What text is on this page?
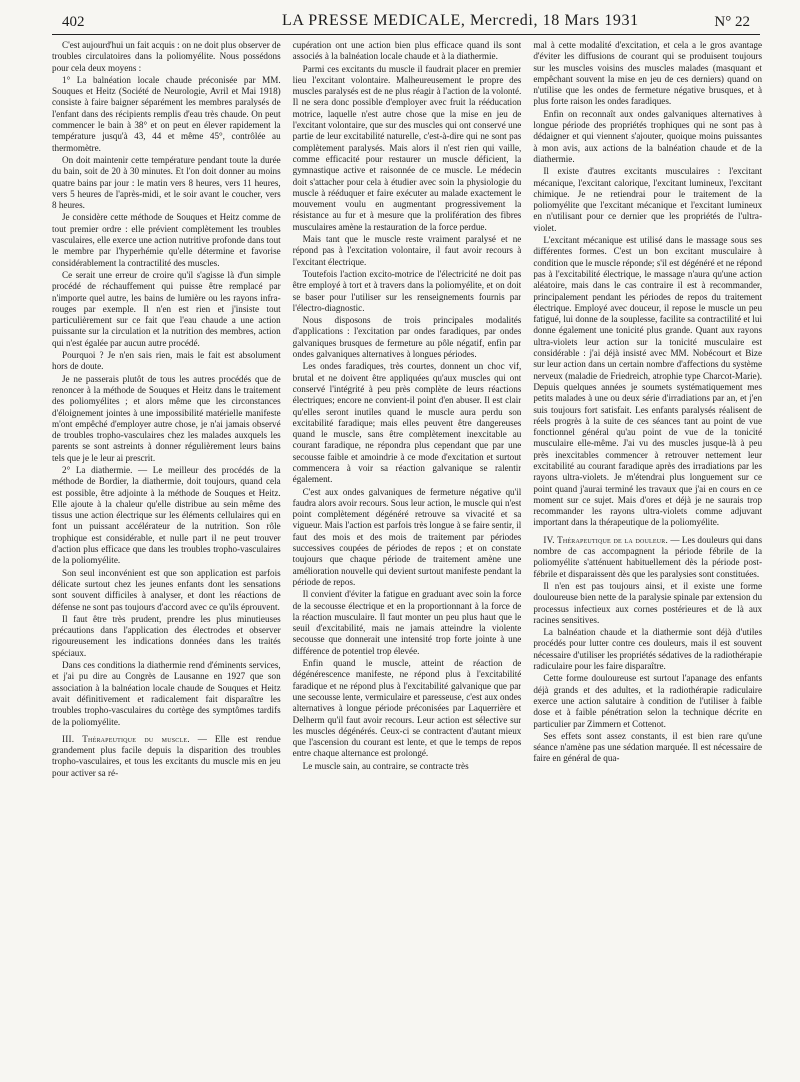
402	LA PRESSE MEDICALE, Mercredi, 18 Mars 1931	N° 22

C'est aujourd'hui un fait acquis : on ne doit plus observer de troubles circulatoires dans la poliomyélite. Nous possédons pour cela deux moyens :

1° La balnéation locale chaude préconisée par MM. Souques et Heitz (Société de Neurologie, Avril et Mai 1918) consiste à faire baigner séparément les membres paralysés de l'enfant dans des récipients remplis d'eau très chaude. On peut commencer le bain à 38° et on peut en élever rapidement la température jusqu'à 43, 44 et même 45°, contrôlée au thermomètre.

On doit maintenir cette température pendant toute la durée du bain, soit de 20 à 30 minutes. Et l'on doit donner au moins quatre bains par jour : le matin vers 8 heures, vers 11 heures, vers 5 heures de l'après-midi, et le soir avant le coucher, vers 8 heures.

Je considère cette méthode de Souques et Heitz comme de tout premier ordre : elle prévient complètement les troubles vasculaires, elle exerce une action nutritive profonde dans tout le membre par l'hyperhémie qu'elle détermine et favorise considérablement la contractilité des muscles.

Ce serait une erreur de croire qu'il s'agisse là d'un simple procédé de réchauffement qui puisse être remplacé par n'importe quel autre, les bains de lumière ou les rayons infra-rouges par exemple. Il n'en est rien et j'insiste tout particulièrement sur ce fait que l'eau chaude a une action puissante sur la circulation et la nutrition des membres, action qui n'est égalée par aucun autre procédé.

Pourquoi ? Je n'en sais rien, mais le fait est absolument hors de doute.

Je ne passerais plutôt de tous les autres procédés que de renoncer à la méthode de Souques et Heitz dans le traitement des poliomyélites ; et alors même que les circonstances d'éloignement jointes à une impossibilité matérielle manifeste m'ont empêché d'employer autre chose, je n'ai jamais observé de troubles tropho-vasculaires chez les malades auxquels les parents se sont astreints à donner régulièrement leurs bains tels que je le leur ai prescrit.

2° La diathermie. — Le meilleur des procédés de la méthode de Bordier, la diathermie, doit toujours, quand cela est possible, être adjointe à la méthode de Souques et Heitz. Elle ajoute à la chaleur qu'elle distribue au sein même des tissus une action électrique sur les éléments cellulaires qui en font un puissant accélérateur de la nutrition. Son rôle trophique est considérable, et nulle part il ne peut trouver d'action plus efficace que dans les troubles tropho-vasculaires de la poliomyélite.

Son seul inconvénient est que son application est parfois délicate surtout chez les jeunes enfants dont les sensations sont souvent difficiles à analyser, et dont les réactions de défense ne sont pas toujours d'accord avec ce qu'ils éprouvent.

Il faut être très prudent, prendre les plus minutieuses précautions dans l'application des électrodes et observer rigoureusement les indications données dans les traités spéciaux.

Dans ces conditions la diathermie rend d'éminents services, et j'ai pu dire au Congrès de Lausanne en 1927 que son association à la balnéation locale chaude de Souques et Heitz avait définitivement et radicalement fait disparaître les troubles tropho-vasculaires du cortège des symptômes tardifs de la poliomyélite.

III. Thérapeutique du muscle. — Elle est rendue grandement plus facile depuis la disparition des troubles tropho-vasculaires, et tous les excitants du muscle mis en jeu pour activer sa ré-

cupération ont une action bien plus efficace quand ils sont associés à la balnéation locale chaude et à la diathermie.

Parmi ces excitants du muscle il faudrait placer en premier lieu l'excitant volontaire. Malheureusement le propre des muscles paralysés est de ne plus réagir à l'action de la volonté. Il ne sera donc possible d'employer avec fruit la rééducation motrice, laquelle n'est autre chose que la mise en jeu de l'excitant volontaire, que sur des muscles qui ont conservé une partie de leur excitabilité naturelle, c'est-à-dire qui ne sont pas complètement paralysés. Mais alors il n'est rien qui vaille, comme efficacité pour restaurer un muscle déficient, la gymnastique active et raisonnée de ce muscle. Le médecin doit s'attacher pour cela à étudier avec soin la physiologie du muscle à rééduquer et faire exécuter au malade exactement le mouvement voulu en augmentant progressivement la résistance au fur et à mesure que la prolifération des fibres musculaires amène la restauration de la force perdue.

Mais tant que le muscle reste vraiment paralysé et ne répond pas à l'excitation volontaire, il faut avoir recours à l'excitant électrique.

Toutefois l'action excito-motrice de l'électricité ne doit pas être employé à tort et à travers dans la poliomyélite, et on doit se baser pour l'utiliser sur les renseignements fournis par l'électro-diagnostic.

Nous disposons de trois principales modalités d'applications : l'excitation par ondes faradiques, par ondes galvaniques brusques de fermeture au pôle négatif, enfin par ondes galvaniques alternatives à longues périodes.

Les ondes faradiques, très courtes, donnent un choc vif, brutal et ne doivent être appliquées qu'aux muscles qui ont conservé l'intégrité à peu près complète de leurs réactions électriques; encore ne convient-il point d'en abuser. Il est clair qu'elles seront inutiles quand le muscle aura perdu son excitabilité faradique; mais elles peuvent être dangereuses quand le muscle, sans être complètement inexcitable au courant faradique, ne répondra plus cependant que par une secousse faible et amoindrie à ce mode d'excitation et surtout commencera à voir sa réaction galvanique se ralentir également.

C'est aux ondes galvaniques de fermeture négative qu'il faudra alors avoir recours. Sous leur action, le muscle qui n'est point complètement dégénéré retrouve sa vivacité et sa vigueur. Mais l'action est parfois très longue à se faire sentir, il faut des mois et des mois de traitement par périodes successives coupées de périodes de repos ; et on constate toujours que chaque période de traitement amène une amélioration nouvelle qui devient surtout manifeste pendant la période de repos.

Il convient d'éviter la fatigue en graduant avec soin la force de la secousse électrique et en la proportionnant à la force de la réaction musculaire. Il faut monter un peu plus haut que le seuil d'excitabilité, mais ne jamais atteindre la violente secousse que donnerait une intensité trop forte jointe à une différence de potentiel trop élevée.

Enfin quand le muscle, atteint de réaction de dégénérescence manifeste, ne répond plus à l'excitabilité faradique et ne répond plus à l'excitabilité galvanique que par une secousse lente, vermiculaire et paresseuse, c'est aux ondes alternatives à longue période préconisées par Laquerrière et Delherm qu'il faut avoir recours. Leur action est sélective sur les muscles dégénérés. Ceux-ci se contractent d'autant mieux que l'ascension du courant est lente, et que le temps de repos entre chaque alternance est prolongé.

Le muscle sain, au contraire, se contracte très

mal à cette modalité d'excitation, et cela a le gros avantage d'éviter les diffusions de courant qui se produisent toujours sur les muscles voisins des muscles malades (masquant et empêchant souvent la mise en jeu de ces derniers) quand on n'utilise que les ondes de fermeture négative brusques, et à plus forte raison les ondes faradiques.

Enfin on reconnaît aux ondes galvaniques alternatives à longue période des propriétés trophiques qui ne sont pas à dédaigner et qui viennent s'ajouter, quoique moins puissantes à mon avis, aux actions de la balnéation chaude et de la diathermie.

Il existe d'autres excitants musculaires : l'excitant mécanique, l'excitant calorique, l'excitant lumineux, l'excitant chimique. Je ne retiendrai pour le traitement de la poliomyélite que l'excitant mécanique et l'excitant lumineux en n'utilisant pour ce dernier que les propriétés de l'ultra-violet.

L'excitant mécanique est utilisé dans le massage sous ses différentes formes. C'est un bon excitant musculaire à condition que le muscle réponde; s'il est dégénéré et ne répond pas à l'excitabilité électrique, le massage n'aura qu'une action aléatoire, mais dans le cas contraire il est à recommander, principalement pendant les périodes de repos du traitement électrique. Employé avec douceur, il repose le muscle un peu fatigué, lui donne de la souplesse, facilite sa contractilité et lui donne également une tonicité plus grande. Quant aux rayons ultra-violets leur action sur la tonicité musculaire est considérable : j'ai déjà insisté avec MM. Nobécourt et Bize sur leur action dans un certain nombre d'affections du système nerveux (maladie de Friedreich, atrophie type Charcot-Marie). Depuis quelques années je soumets systématiquement mes petits malades à une ou deux série d'irradiations par an, et j'en suis toujours fort satisfait. Les enfants paralysés réalisent de réels progrès à la suite de ces séances tant au point de vue fonctionnel général qu'au point de vue de la tonicité musculaire elle-même. J'ai vu des muscles jusque-là à peu près inexcitables commencer à retrouver nettement leur excitabilité au courant faradique après des irradiations par les rayons ultra-violets. Je m'étendrai plus longuement sur ce point quand j'aurai terminé les travaux que j'ai en cours en ce moment sur ce sujet. Mais d'ores et déjà je ne saurais trop recommander les rayons ultra-violets comme adjuvant important dans la thérapeutique de la poliomyélite.

IV. Thérapeutique de la douleur. — Les douleurs qui dans nombre de cas accompagnent la période fébrile de la poliomyélite s'atténuent habituellement dès la période post-fébrile et disparaissent dès que les paralysies sont constituées.

Il n'en est pas toujours ainsi, et il existe une forme douloureuse bien nette de la paralysie spinale par extension du processus infectieux aux cornes postérieures et de là aux racines sensitives.

La balnéation chaude et la diathermie sont déjà d'utiles procédés pour lutter contre ces douleurs, mais il est souvent nécessaire d'utiliser les propriétés sédatives de la radiothérapie radiculaire pour les faire disparaître.

Cette forme douloureuse est surtout l'apanage des enfants déjà grands et des adultes, et la radiothérapie radiculaire exerce une action salutaire à condition de l'utiliser à faible dose et à faible pénétration selon la technique décrite en particulier par Zimmern et Cottenot.

Ses effets sont assez constants, il est bien rare qu'une séance n'amène pas une sédation marquée. Il est nécessaire de faire en général de qua-
